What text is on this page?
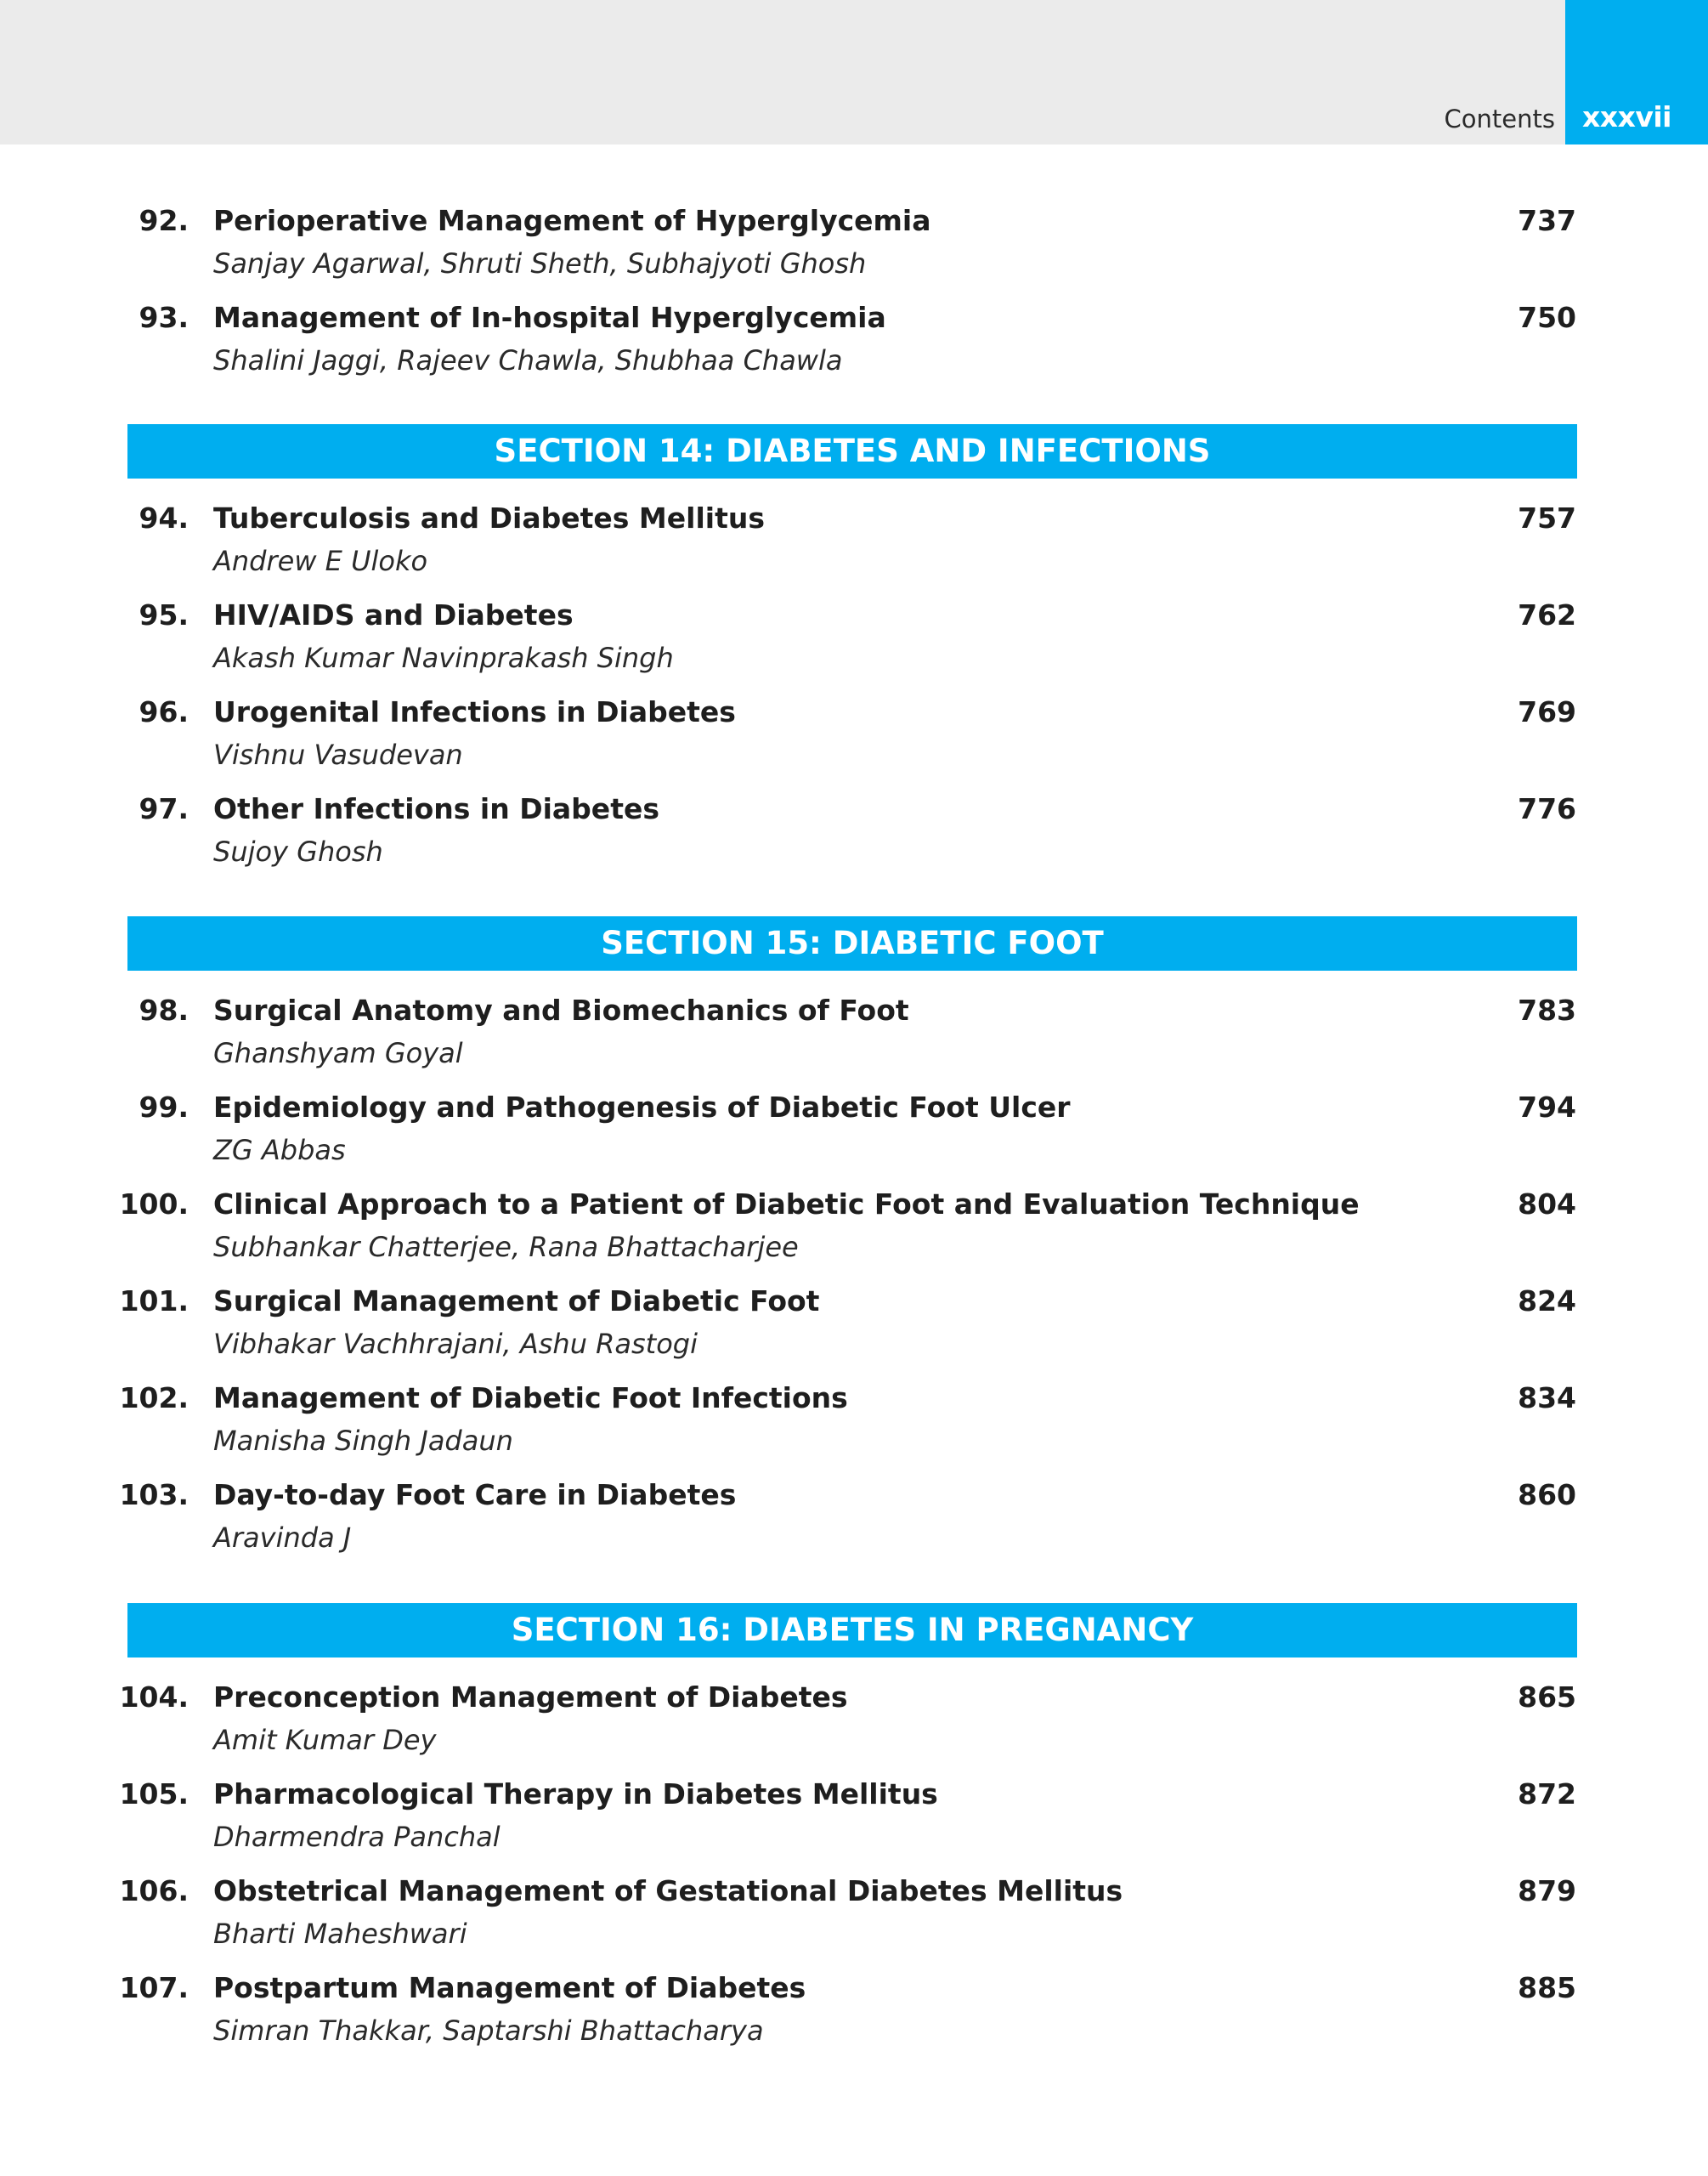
Contents xxxvii
92. Perioperative Management of Hyperglycemia	737
Sanjay Agarwal, Shruti Sheth, Subhajyoti Ghosh
93. Management of In-hospital Hyperglycemia	750
Shalini Jaggi, Rajeev Chawla, Shubhaa Chawla
SECTION 14: DIABETES AND INFECTIONS
94. Tuberculosis and Diabetes Mellitus	757
Andrew E Uloko
95. HIV/AIDS and Diabetes	762
Akash Kumar Navinprakash Singh
96. Urogenital Infections in Diabetes	769
Vishnu Vasudevan
97. Other Infections in Diabetes	776
Sujoy Ghosh
SECTION 15: DIABETIC FOOT
98. Surgical Anatomy and Biomechanics of Foot	783
Ghanshyam Goyal
99. Epidemiology and Pathogenesis of Diabetic Foot Ulcer	794
ZG Abbas
100. Clinical Approach to a Patient of Diabetic Foot and Evaluation Technique	804
Subhankar Chatterjee, Rana Bhattacharjee
101. Surgical Management of Diabetic Foot	824
Vibhakar Vachhrajani, Ashu Rastogi
102. Management of Diabetic Foot Infections	834
Manisha Singh Jadaun
103. Day-to-day Foot Care in Diabetes	860
Aravinda J
SECTION 16: DIABETES IN PREGNANCY
104. Preconception Management of Diabetes	865
Amit Kumar Dey
105. Pharmacological Therapy in Diabetes Mellitus	872
Dharmendra Panchal
106. Obstetrical Management of Gestational Diabetes Mellitus	879
Bharti Maheshwari
107. Postpartum Management of Diabetes	885
Simran Thakkar, Saptarshi Bhattacharya
